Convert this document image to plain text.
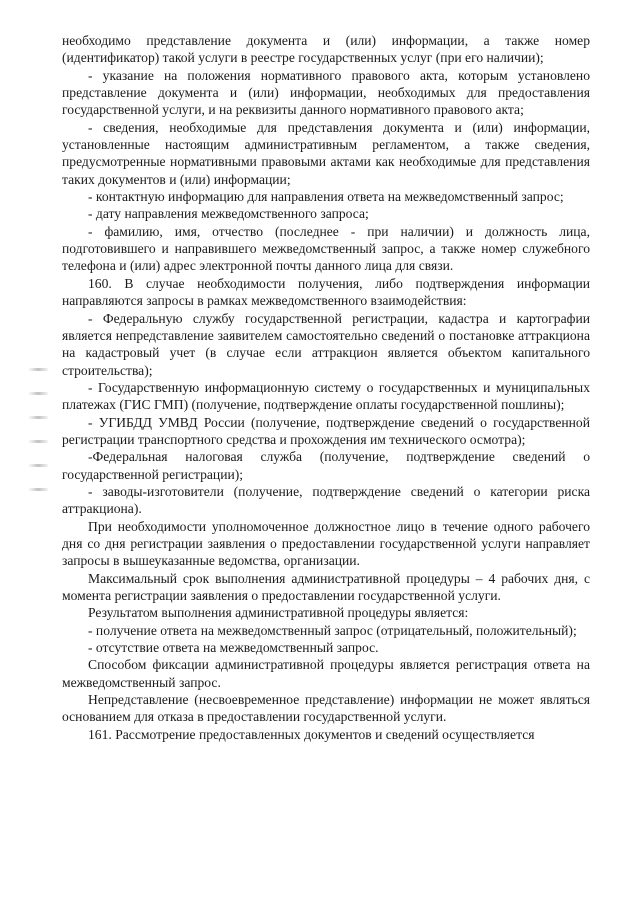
необходимо представление документа и (или) информации, а также номер (идентификатор) такой услуги в реестре государственных услуг (при его наличии);

- указание на положения нормативного правового акта, которым установлено представление документа и (или) информации, необходимых для предоставления государственной услуги, и на реквизиты данного нормативного правового акта;

- сведения, необходимые для представления документа и (или) информации, установленные настоящим административным регламентом, а также сведения, предусмотренные нормативными правовыми актами как необходимые для представления таких документов и (или) информации;

- контактную информацию для направления ответа на межведомственный запрос;

- дату направления межведомственного запроса;

- фамилию, имя, отчество (последнее - при наличии) и должность лица, подготовившего и направившего межведомственный запрос, а также номер служебного телефона и (или) адрес электронной почты данного лица для связи.

160. В случае необходимости получения, либо подтверждения информации направляются запросы в рамках межведомственного взаимодействия:

- Федеральную службу государственной регистрации, кадастра и картографии является непредставление заявителем самостоятельно сведений о постановке аттракциона на кадастровый учет (в случае если аттракцион является объектом капитального строительства);

- Государственную информационную систему о государственных и муниципальных платежах (ГИС ГМП) (получение, подтверждение оплаты государственной пошлины);

- УГИБДД УМВД России (получение, подтверждение сведений о государственной регистрации транспортного средства и прохождения им технического осмотра);

-Федеральная налоговая служба (получение, подтверждение сведений о государственной регистрации);

- заводы-изготовители (получение, подтверждение сведений о категории риска аттракциона).

При необходимости уполномоченное должностное лицо в течение одного рабочего дня со дня регистрации заявления о предоставлении государственной услуги направляет запросы в вышеуказанные ведомства, организации.

Максимальный срок выполнения административной процедуры – 4 рабочих дня, с момента регистрации заявления о предоставлении государственной услуги.

Результатом выполнения административной процедуры является:

- получение ответа на межведомственный запрос (отрицательный, положительный);

- отсутствие ответа на межведомственный запрос.

Способом фиксации административной процедуры является регистрация ответа на межведомственный запрос.

Непредставление (несвоевременное представление) информации не может являться основанием для отказа в предоставлении государственной услуги.

161. Рассмотрение предоставленных документов и сведений осуществляется
